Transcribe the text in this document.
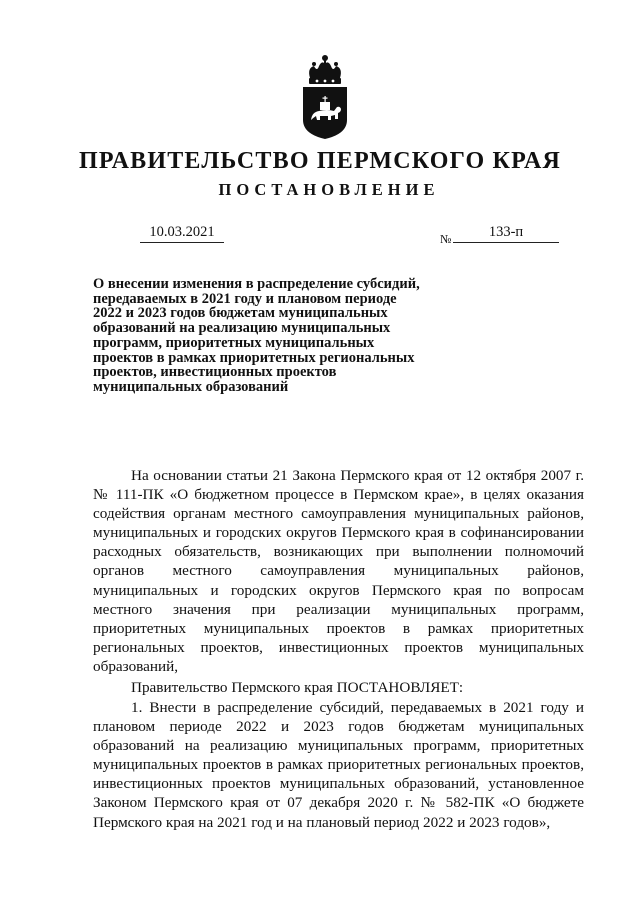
ПРАВИТЕЛЬСТВО ПЕРМСКОГО КРАЯ
ПОСТАНОВЛЕНИЕ
10.03.2021	№	133-п
О внесении изменения в распределение субсидий,
передаваемых в 2021 году и плановом периоде
2022 и 2023 годов бюджетам муниципальных
образований на реализацию муниципальных
программ, приоритетных муниципальных
проектов в рамках приоритетных региональных
проектов, инвестиционных проектов
муниципальных образований
На основании статьи 21 Закона Пермского края от 12 октября 2007 г. № 111-ПК «О бюджетном процессе в Пермском крае», в целях оказания содействия органам местного самоуправления муниципальных районов, муниципальных и городских округов Пермского края в софинансировании расходных обязательств, возникающих при выполнении полномочий органов местного самоуправления муниципальных районов, муниципальных и городских округов Пермского края по вопросам местного значения при реализации муниципальных программ, приоритетных муниципальных проектов в рамках приоритетных региональных проектов, инвестиционных проектов муниципальных образований,
Правительство Пермского края ПОСТАНОВЛЯЕТ:
1. Внести в распределение субсидий, передаваемых в 2021 году и плановом периоде 2022 и 2023 годов бюджетам муниципальных образований на реализацию муниципальных программ, приоритетных муниципальных проектов в рамках приоритетных региональных проектов, инвестиционных проектов муниципальных образований, установленное Законом Пермского края от 07 декабря 2020 г. № 582-ПК «О бюджете Пермского края на 2021 год и на плановый период 2022 и 2023 годов»,
